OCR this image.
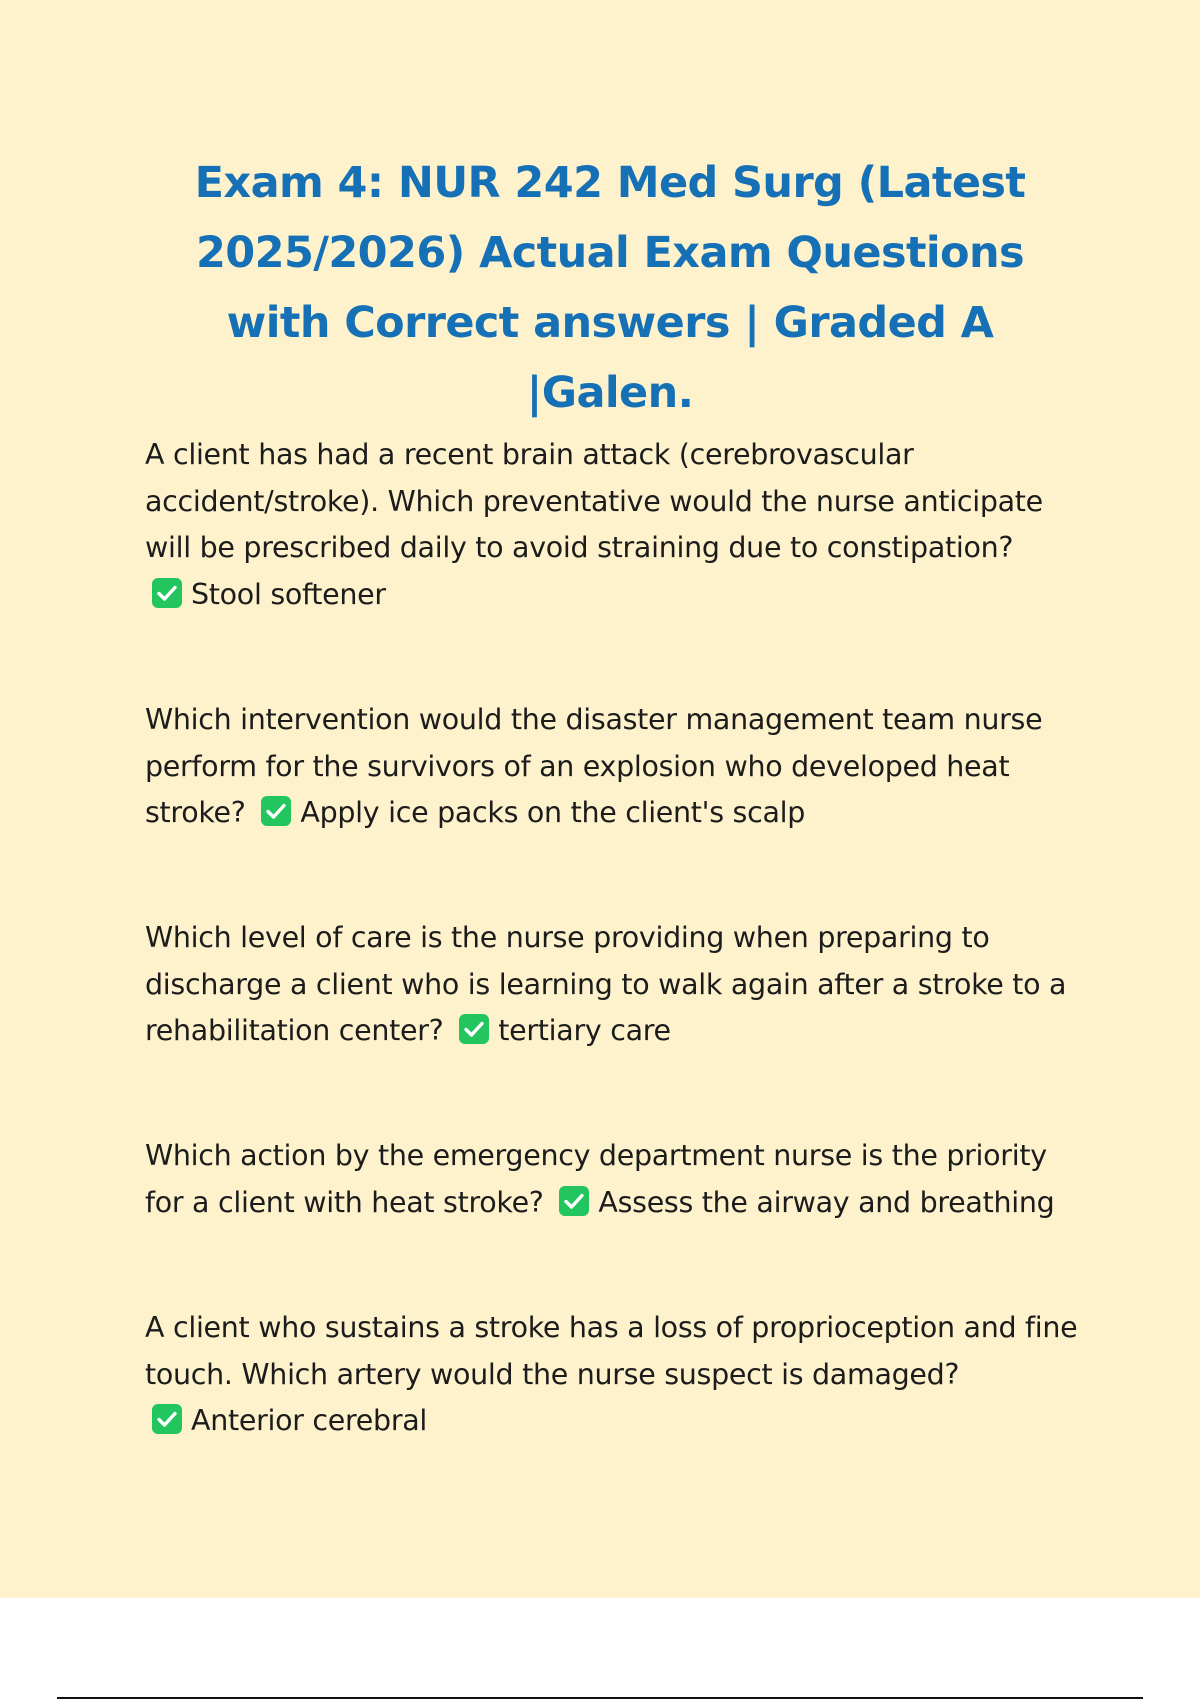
Exam 4: NUR 242 Med Surg (Latest 2025/2026) Actual Exam Questions with Correct answers | Graded A |Galen.

A client has had a recent brain attack (cerebrovascular accident/stroke). Which preventative would the nurse anticipate will be prescribed daily to avoid straining due to constipation?

Stool softener

Which intervention would the disaster management team nurse perform for the survivors of an explosion who developed heat stroke? Apply ice packs on the client's scalp

Which level of care is the nurse providing when preparing to discharge a client who is learning to walk again after a stroke to a rehabilitation center? tertiary care

Which action by the emergency department nurse is the priority for a client with heat stroke? Assess the airway and breathing

A client who sustains a stroke has a loss of proprioception and fine touch. Which artery would the nurse suspect is damaged?

Anterior cerebral
